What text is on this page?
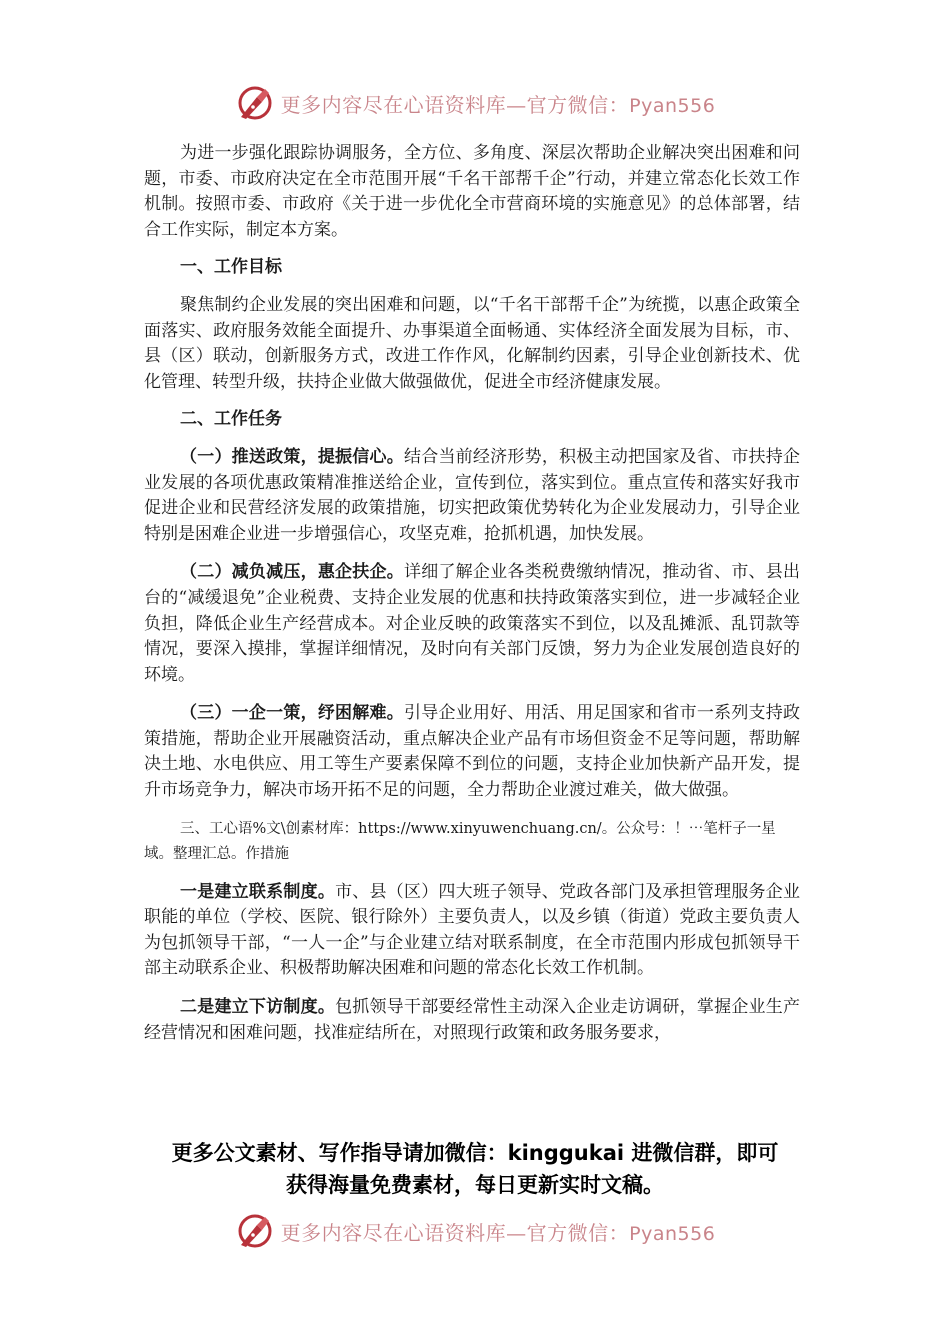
更多内容尽在心语资料库—官方微信：Pyan556

为进一步强化跟踪协调服务，全方位、多角度、深层次帮助企业解决突出困难和问题，市委、市政府决定在全市范围开展“千名干部帮千企”行动，并建立常态化长效工作机制。按照市委、市政府《关于进一步优化全市营商环境的实施意见》的总体部署，结合工作实际，制定本方案。

一、工作目标

聚焦制约企业发展的突出困难和问题，以“千名干部帮千企”为统揽，以惠企政策全面落实、政府服务效能全面提升、办事渠道全面畅通、实体经济全面发展为目标，市、县（区）联动，创新服务方式，改进工作作风，化解制约因素，引导企业创新技术、优化管理、转型升级，扶持企业做大做强做优，促进全市经济健康发展。

二、工作任务

（一）推送政策，提振信心。结合当前经济形势，积极主动把国家及省、市扶持企业发展的各项优惠政策精准推送给企业，宣传到位，落实到位。重点宣传和落实好我市促进企业和民营经济发展的政策措施，切实把政策优势转化为企业发展动力，引导企业特别是困难企业进一步增强信心，攻坚克难，抢抓机遇，加快发展。

（二）减负减压，惠企扶企。详细了解企业各类税费缴纳情况，推动省、市、县出台的“减缓退免”企业税费、支持企业发展的优惠和扶持政策落实到位，进一步减轻企业负担，降低企业生产经营成本。对企业反映的政策落实不到位，以及乱摊派、乱罚款等情况，要深入摸排，掌握详细情况，及时向有关部门反馈，努力为企业发展创造良好的环境。

（三）一企一策，纾困解难。引导企业用好、用活、用足国家和省市一系列支持政策措施，帮助企业开展融资活动，重点解决企业产品有市场但资金不足等问题，帮助解决土地、水电供应、用工等生产要素保障不到位的问题，支持企业加快新产品开发，提升市场竞争力，解决市场开拓不足的问题，全力帮助企业渡过难关，做大做强。

三、工心语%文\创素材库：https://www.xinyuwenchuang.cn/。公众号：！⋯笔杆子一星域。整理汇总。作措施

一是建立联系制度。市、县（区）四大班子领导、党政各部门及承担管理服务企业职能的单位（学校、医院、银行除外）主要负责人，以及乡镇（街道）党政主要负责人为包抓领导干部，“一人一企”与企业建立结对联系制度，在全市范围内形成包抓领导干部主动联系企业、积极帮助解决困难和问题的常态化长效工作机制。

二是建立下访制度。包抓领导干部要经常性主动深入企业走访调研，掌握企业生产经营情况和困难问题，找准症结所在，对照现行政策和政务服务要求，

更多公文素材、写作指导请加微信：kinggukai 进微信群，即可
获得海量免费素材，每日更新实时文稿。
更多内容尽在心语资料库—官方微信：Pyan556
